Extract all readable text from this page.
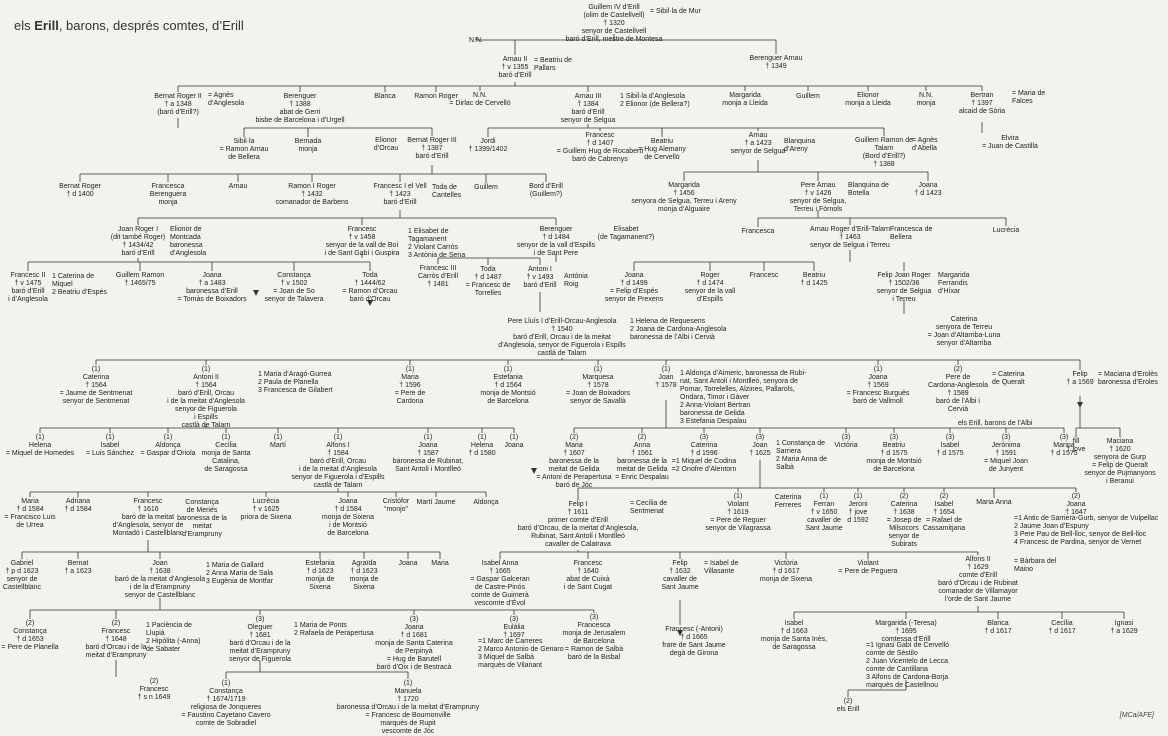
els Erill, barons, després comtes, d’Erill
Guillem IV d’Erill
(olim de Castellvell)
† 1320
senyor de Castellvell
baró d’Erill, mestre de Montesa
= Sibil·la de Mur
N.N.
Arnau II
† v 1355
baró d’Erill
= Beatriu de
Pallars
Berenguer Arnau
† 1349
Bernat Roger II
† a 1348
(baró d’Erill?)
= Agnès
d’Anglesola
Berenguer
† 1388
abat de Gerri
bisbe de Barcelona i d’Urgell
Blanca	Ramon Roger	N.N.
= Dirlac de Cervelló
Arnau III
† 1384
baró d’Erill
senyor de Selgua
1 Sibil·la d’Anglesola
2 Elionor (de Bellera?)
Margarida
monja a Lleida
Guillem	Elionor
monja a Lleida
N.N.
monja
Bertran
† 1397
alcaid de Sòria
= Maria de
Falces
Elvira
= Juan de Castilla
Sibil·la
= Ramon Arnau
de Bellera
Bernada
monja
Elionor
d’Orcau
Bernat Roger III
† 1387
baró d’Erill
Jordi
† 1399/1402
Francesc
† d 1407
= Guillem Hug de Rocabertí
baró de Cabrenys
Beatriu
= Hug Alemany
de Cervelló
Arnau
† a 1423
senyor de Selgua
Blanquina
d’Areny
Guillem Ramon de
Talarn
(Bord d’Erill?)
† 1388
= Agnès
d’Abella
Bernat Roger
† d 1400
Francesca
Berenguera
monja
Arnau	Ramon I Roger
† 1432
comanador de Barbens
Francesc I el Vell
† 1423
baró d’Erill
Toda de
Cantelles
Guillem	Bord d’Erill
(Guillem?)
Margarida
† 1456
senyora de Selgua, Terreu i Areny
monja d’Alguaire
Pere Arnau
† v 1426
senyor de Selgua,
Terreu i Fórnols
Blanquina de
Botella
Joana
† d 1423
Joan Roger I
(dit també Roger)
† 1434/42
baró d’Erill
Elionor de
Montcada
baronessa
d’Anglesola
Francesc
† v 1458
senyor de la vall de Boí
i de Sant Gabí i Guspira
1 Elisabet de
Tagamanent
2 Violant Carròs
3 Antònia de Sena
Berenguer
† d 1484
senyor de la vall d’Espills
i de Sant Pere
Elisabet
(de Tagamanent?)
Francesca	Arnau Roger d’Erill-Talarn
† 1463
senyor de Selgua i Terreu
Francesca de
Bellera
Lucrècia
Francesc II
† v 1475
baró d’Erill
i d’Anglesola
1 Caterina de
Miquel
2 Beatriu d’Espés
Guillem Ramon
† 1465/75
Joana
† a 1483
baronessa d’Erill
= Tomàs de Boixadors
Constança
† v 1502
= Joan de So
senyor de Talavera
Toda
† 1444/62
= Ramon d’Orcau
baró d’Orcau
Francesc III
Carròs d’Erill
† 1481
Toda
† d 1487
= Francesc de
Torrelles
Antoni I
† v 1493
baró d’Erill
Antònia
Roig
Joana
† d 1499
= Felip d’Espés
senyor de Prexens
Roger
† d 1474
senyor de la vall
d’Espills
Francesc	Beatriu
† d 1425
Felip Joan Roger
† 1502/36
senyor de Selgua
i Terreu
Margarida
Ferrandis
d’Híxar
Caterina
senyora de Terreu
= Joan d’Altarriba-Luna
senyor d’Altarriba
Pere Lluís I d’Erill-Orcau-Anglesola
† 1540
baró d’Erill, Orcau i de la meitat
d’Anglesola, senyor de Figuerola i Espills
castlà de Talarn
1 Helena de Requesens
2 Joana de Cardona-Anglesola
baronessa de l’Albi i Cervià
(1)
Caterina
† 1564
= Jaume de Sentmenat
senyor de Sentmenat
(1)
Antoni II
† 1564
baró d’Erill, Orcau
i de la meitat d’Anglesola
senyor de Figuerola
i Espills
castlà de Talarn
1 Maria d’Aragó-Gurrea
2 Paula de Planella
3 Francesca de Gilabert
(1)
Maria
† 1596
= Pere de
Cardona
(1)
Estefania
† d 1564
monja de Montsió
de Barcelona
(1)
Marquesa
† 1578
= Joan de Boixadors
senyor de Savallà
(1)
Joan
† 1578
1 Aldonça d’Aimeric, baronessa de Rubi-
nat, Sant Antolí i Montlleó, senyora de
Pomar, Torrelelles, Alzines, Pallarols,
Ondara, Timor i Gàver
2 Anna-Violant Bertran
baronessa de Gelida
3 Estefania Despalau
(1)
Joana
† 1569
= Francesc Burguès
baró de Vallmoll
(2)
Pere de
Cardona-Anglesola
† 1589
baró de l’Albi i
Cervià
= Caterina
de Queralt
els Erill, barons de l’Albi
Felip
† a 1569
= Maciana d’Erolès
baronessa d’Eroles
(1)
Helena
= Miquel de Homedes
(1)
Isabel
= Luis Sánchez
(1)
Aldonça
= Gaspar d’Oriola
(1)
Cecília
monja de Santa
Catalina,
de Saragossa
(1)
Martí
(1)
Alfons I
† 1584
baró d’Erill, Orcau
i de la meitat d’Anglesola
senyor de Figuerola i d’Espills
castlà de Talarn
(1)
Joana
† 1587
baronessa de Rubinat,
Sant Antolí i Montlleó
(1)
Helena
† d 1580
(1)
Joana
(2)
Maria
† 1607
baronessa de la
meitat de Gelida
= Antoni de Perapertusa
baró de Jóc
(2)
Anna
† 1561
baronessa de la
meitat de Gelida
= Enric Despalau
(3)
Caterina
† d 1596
=1 Miquel de Codina
=2 Onofre d’Alentorn
(3)
Joan
† 1625
1 Constança de
Sarriera
2 Maria Anna de
Salbà
(3)
Victòria
(3)
Beatriu
† d 1575
monja de Montsió
de Barcelona
(3)
Isabel
† d 1575
(3)
Jerònima
† 1591
= Miquel Joan
de Junyent
(3)
Marina
† d 1575
fill
† jove
Maciana
† 1620
senyora de Gurp
= Felip de Queralt
senyor de Pujmanyons
i Beranui
Maria
† d 1584
= Francisco Luis
de Urrea
Adriana
† d 1584
Francesc
† 1616
baró de la meitat
d’Anglesola, senyor de
Montadó i Castellblanc
Constança
de Meriés
baronessa de la
meitat
d’Erampruny
Lucrècia
† v 1625
priora de Sixena
Joana
† d 1584
monja de Sixena
i de Montsió
de Barcelona
Cristòfor
“monjo”
Martí Jaume	Aldonça	Felip I
† 1611
primer comte d’Erill
baró d’Orcau, de la meitat d’Anglesola,
Rubinat, Sant Antolí i Montlleó
cavaller de Calatrava
= Cecília de
Sentmenat
(1)
Violant
† 1619
= Pere de Reguer
senyor de Vilagrassa
Caterina
Ferreres
(1)
Ferran
† v 1650
cavaller de
Sant Jaume
(1)
Jeroni
† jove
d 1592
(2)
Caterina
† 1638
= Josep de
Milsocors
senyor de
Subirats
(2)
Isabel
† 1654
= Rafael de
Cassamitjana
Maria Anna
(2)
Joana
† 1647
=1 Antic de Sarriera-Gurb, senyor de Vulpellac
2 Jaume Joan d’Espuny
3 Pere Pau de Bell-lloc, senyor de Bell-lloc
4 Francesc de Pardina, senyor de Vernet
Gabriel
† p d 1623
senyor de
Castellblanc
Bernat
† a 1623
Joan
† 1638
baró de la meitat d’Anglesola
i de la d’Erampruny
senyor de Castellblanc
1 Maria de Gallard
2 Anna Maria de Sala
3 Eugènia de Montfar
Estefania
† d 1623
monja de
Sixena
Agraïda
† d 1623
monja de
Sixena
Joana Maria	Isabel Anna
† 1665
= Gaspar Galceran
de Castre-Pinós
comte de Guimerà
vescomte d’Évol
Francesc
† 1640
abat de Cuixà
i de Sant Cugat
Felip
† 1632
cavaller de
Sant Jaume
= Isabel de
Villasante
Victòria
† d 1617
monja de Sixena
Violant
= Pere de Peguera
Alfons II
† 1629
comte d’Erill
baró d’Orcau i de Rubinat
comanador de Villamayor
l’orde de Sant Jaume
= Bàrbara del
Maino
(2)
Constança
† d 1653
= Pere de Planella
(2)
Francesc
† 1648
baró d’Orcau i de la
meitat d’Erampruny
1 Paciència de
Llupià
2 Hipòlita (-Anna)
de Sabater
(3)
Oleguer
† 1681
baró d’Orcau i de la
meitat d’Erampruny
senyor de Figuerola
1 Maria de Ponts
2 Rafaela de Perapertusa
(3)
Joana
† d 1681
monja de Santa Caterina
de Perpinyà
= Hug de Barutell
baró d’Oix i de Bestracà
(3)
Eulàlia
† 1697
=1 Marc de Carreres
2 Marco Antonio de Genaro
3 Miquel de Salbà
marquès de Vilanant
(3)
Francesca
monja de Jerusalem
de Barcelona
= Ramon de Salbà
baró de la Bisbal
Francesc (-Antoni)
† d 1665
frare de Sant Jaume
degà de Girona
Isabel
† d 1663
monja de Santa Inès,
de Saragossa
Margarida (-Teresa)
† 1695
comtessa d’Erill
=1 Ignasi Gabí de Cervelló
comte de Sèstilo
2 Juan Vicentelo de Lecca
comte de Cantillana
3 Alfons de Cardona-Borja
marquès de Castellnou
Blanca
† d 1617
Cecília
† d 1617
Ignasi
† a 1629
(2)
Francesc
† s n 1649
(1)
Constança
† 1674/1719
religiosa de Jonqueres
= Faustino Cayetano Cavero
comte de Sobradiel
(1)
Manuela
† 1720
baronessa d’Orcau i de la meitat d’Erampruny
= Francesc de Bournonville
marquès de Rupit
vescomte de Jóc
(2)
els Erill
[MCa/AFE]
